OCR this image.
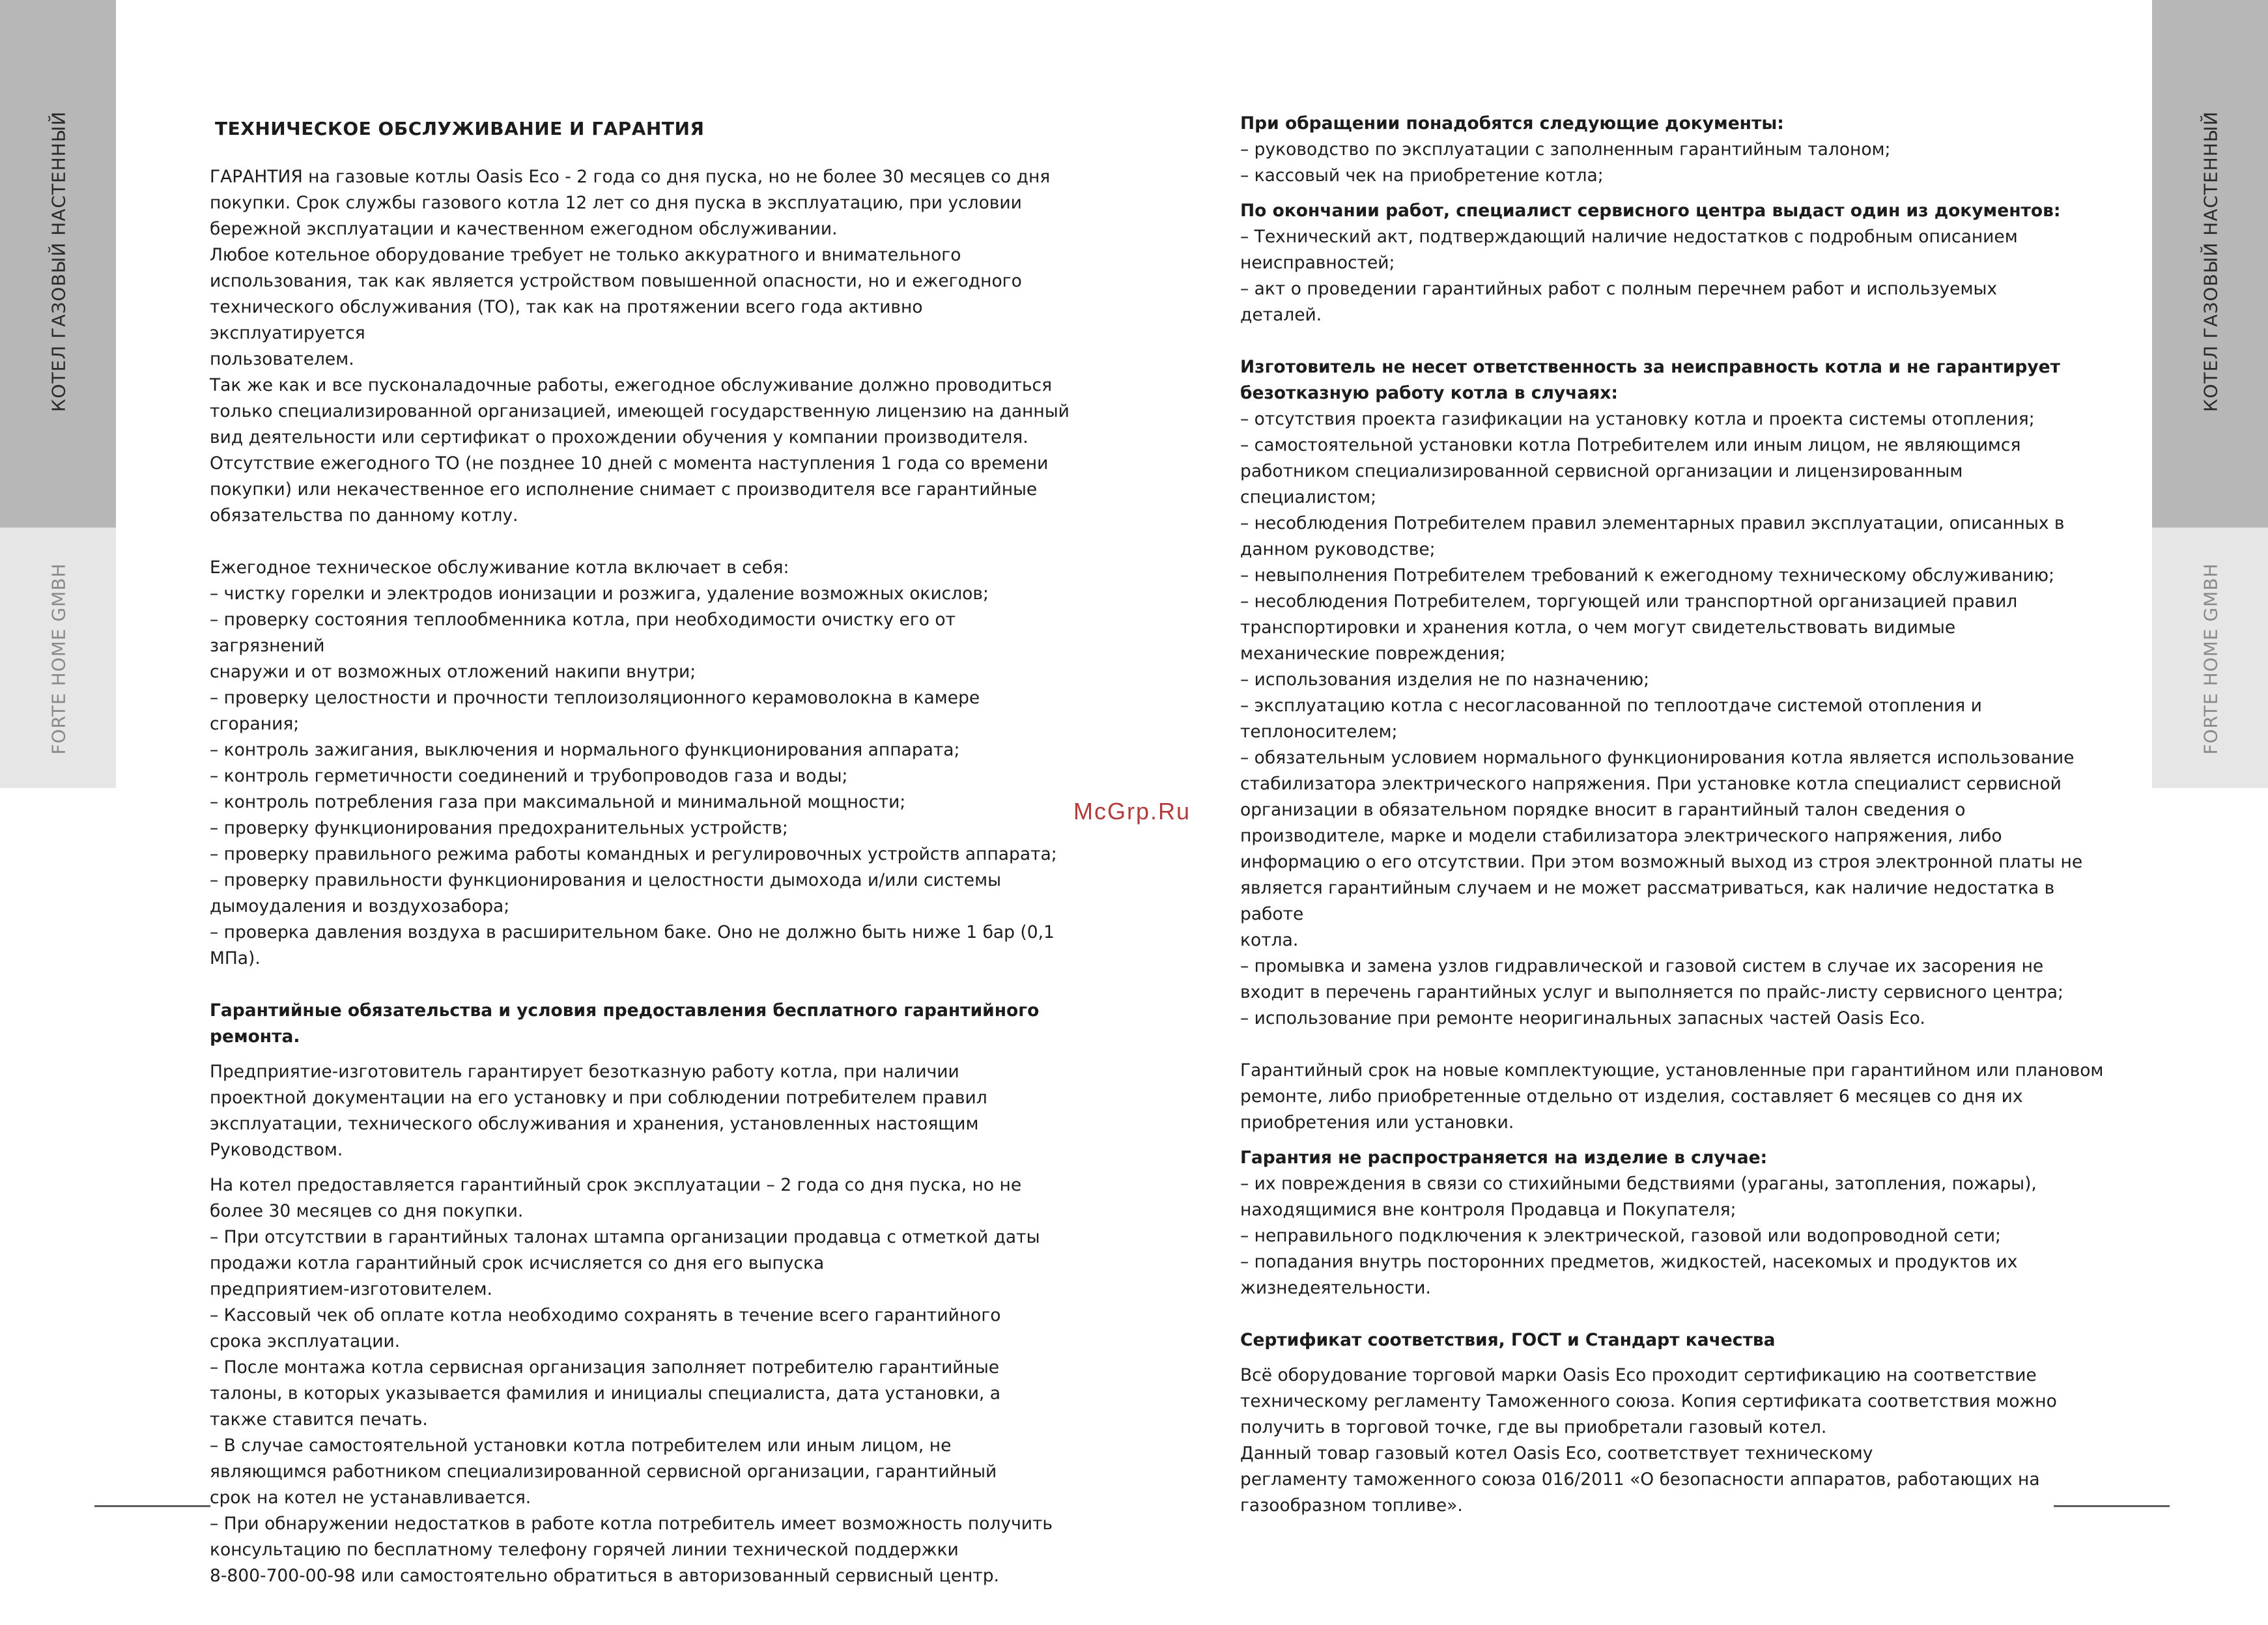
КОТЕЛ ГАЗОВЫЙ НАСТЕННЫЙ
FORTE HOME GMBH
КОТЕЛ ГАЗОВЫЙ НАСТЕННЫЙ
FORTE HOME GMBH
McGrp.Ru

ТЕХНИЧЕСКОЕ ОБСЛУЖИВАНИЕ И ГАРАНТИЯ

ГАРАНТИЯ на газовые котлы Oasis Eco - 2 года со дня пуска, но не более 30 месяцев со дня
покупки. Срок службы газового котла 12 лет со дня пуска в эксплуатацию, при условии
бережной эксплуатации и качественном ежегодном обслуживании.
Любое котельное оборудование требует не только аккуратного и внимательного
использования, так как является устройством повышенной опасности, но и ежегодного
технического обслуживания (ТО), так как на протяжении всего года активно эксплуатируется
пользователем.
Так же как и все пусконаладочные работы, ежегодное обслуживание должно проводиться
только специализированной организацией, имеющей государственную лицензию на данный
вид деятельности или сертификат о прохождении обучения у компании производителя.
Отсутствие ежегодного ТО (не позднее 10 дней с момента наступления 1 года со времени
покупки) или некачественное его исполнение снимает с производителя все гарантийные
обязательства по данному котлу.

Ежегодное техническое обслуживание котла включает в себя:
– чистку горелки и электродов ионизации и розжига, удаление возможных окислов;
– проверку состояния теплообменника котла, при необходимости очистку его от загрязнений
снаружи и от возможных отложений накипи внутри;
– проверку целостности и прочности теплоизоляционного керамоволокна в камере сгорания;
– контроль зажигания, выключения и нормального функционирования аппарата;
– контроль герметичности соединений и трубопроводов газа и воды;
– контроль потребления газа при максимальной и минимальной мощности;
– проверку функционирования предохранительных устройств;
– проверку правильного режима работы командных и регулировочных устройств аппарата;
– проверку правильности функционирования и целостности дымохода и/или системы
дымоудаления и воздухозабора;
– проверка давления воздуха в расширительном баке. Оно не должно быть ниже 1 бар (0,1 МПа).

Гарантийные обязательства и условия предоставления бесплатного гарантийного
ремонта.

Предприятие-изготовитель гарантирует безотказную работу котла, при наличии
проектной документации на его установку и при соблюдении потребителем правил
эксплуатации, технического обслуживания и хранения, установленных настоящим
Руководством.

На котел предоставляется гарантийный срок эксплуатации – 2 года со дня пуска, но не
более 30 месяцев со дня покупки.
– При отсутствии в гарантийных талонах штампа организации продавца с отметкой даты
продажи котла гарантийный срок исчисляется со дня его выпуска
предприятием-изготовителем.
– Кассовый чек об оплате котла необходимо сохранять в течение всего гарантийного
срока эксплуатации.
– После монтажа котла сервисная организация заполняет потребителю гарантийные
талоны, в которых указывается фамилия и инициалы специалиста, дата установки, а
также ставится печать.
– В случае самостоятельной установки котла потребителем или иным лицом, не
являющимся работником специализированной сервисной организации, гарантийный
срок на котел не устанавливается.
– При обнаружении недостатков в работе котла потребитель имеет возможность получить
консультацию по бесплатному телефону горячей линии технической поддержки
8-800-700-00-98 или самостоятельно обратиться в авторизованный сервисный центр.

При обращении понадобятся следующие документы:

– руководство по эксплуатации с заполненным гарантийным талоном;
– кассовый чек на приобретение котла;

По окончании работ, специалист сервисного центра выдаст один из документов:

– Технический акт, подтверждающий наличие недостатков с подробным описанием
неисправностей;
– акт о проведении гарантийных работ с полным перечнем работ и используемых
деталей.

Изготовитель не несет ответственность за неисправность котла и не гарантирует
безотказную работу котла в случаях:

– отсутствия проекта газификации на установку котла и проекта системы отопления;
– самостоятельной установки котла Потребителем или иным лицом, не являющимся
работником специализированной сервисной организации и лицензированным
специалистом;
– несоблюдения Потребителем правил элементарных правил эксплуатации, описанных в
данном руководстве;
– невыполнения Потребителем требований к ежегодному техническому обслуживанию;
– несоблюдения Потребителем, торгующей или транспортной организацией правил
транспортировки и хранения котла, о чем могут свидетельствовать видимые
механические повреждения;
– использования изделия не по назначению;
– эксплуатацию котла с несогласованной по теплоотдаче системой отопления и
теплоносителем;
– обязательным условием нормального функционирования котла является использование
стабилизатора электрического напряжения. При установке котла специалист сервисной
организации в обязательном порядке вносит в гарантийный талон сведения о
производителе, марке и модели стабилизатора электрического напряжения, либо
информацию о его отсутствии. При этом возможный выход из строя электронной платы не
является гарантийным случаем и не может рассматриваться, как наличие недостатка в работе
котла.
– промывка и замена узлов гидравлической и газовой систем в случае их засорения не
входит в перечень гарантийных услуг и выполняется по прайс-листу сервисного центра;
– использование при ремонте неоригинальных запасных частей Oasis Eco.

Гарантийный срок на новые комплектующие, установленные при гарантийном или плановом
ремонте, либо приобретенные отдельно от изделия, составляет 6 месяцев со дня их
приобретения или установки.

Гарантия не распространяется на изделие в случае:

– их повреждения в связи со стихийными бедствиями (ураганы, затопления, пожары),
находящимися вне контроля Продавца и Покупателя;
– неправильного подключения к электрической, газовой или водопроводной сети;
– попадания внутрь посторонних предметов, жидкостей, насекомых и продуктов их
жизнедеятельности.

Сертификат соответствия, ГОСТ и Стандарт качества

Всё оборудование торговой марки Oasis Eco проходит сертификацию на соответствие
техническому регламенту Таможенного союза. Копия сертификата соответствия можно
получить в торговой точке, где вы приобретали газовый котел.
Данный товар газовый котел Oasis Eco, соответствует техническому
регламенту таможенного союза 016/2011 «О безопасности аппаратов, работающих на
газообразном топливе».
